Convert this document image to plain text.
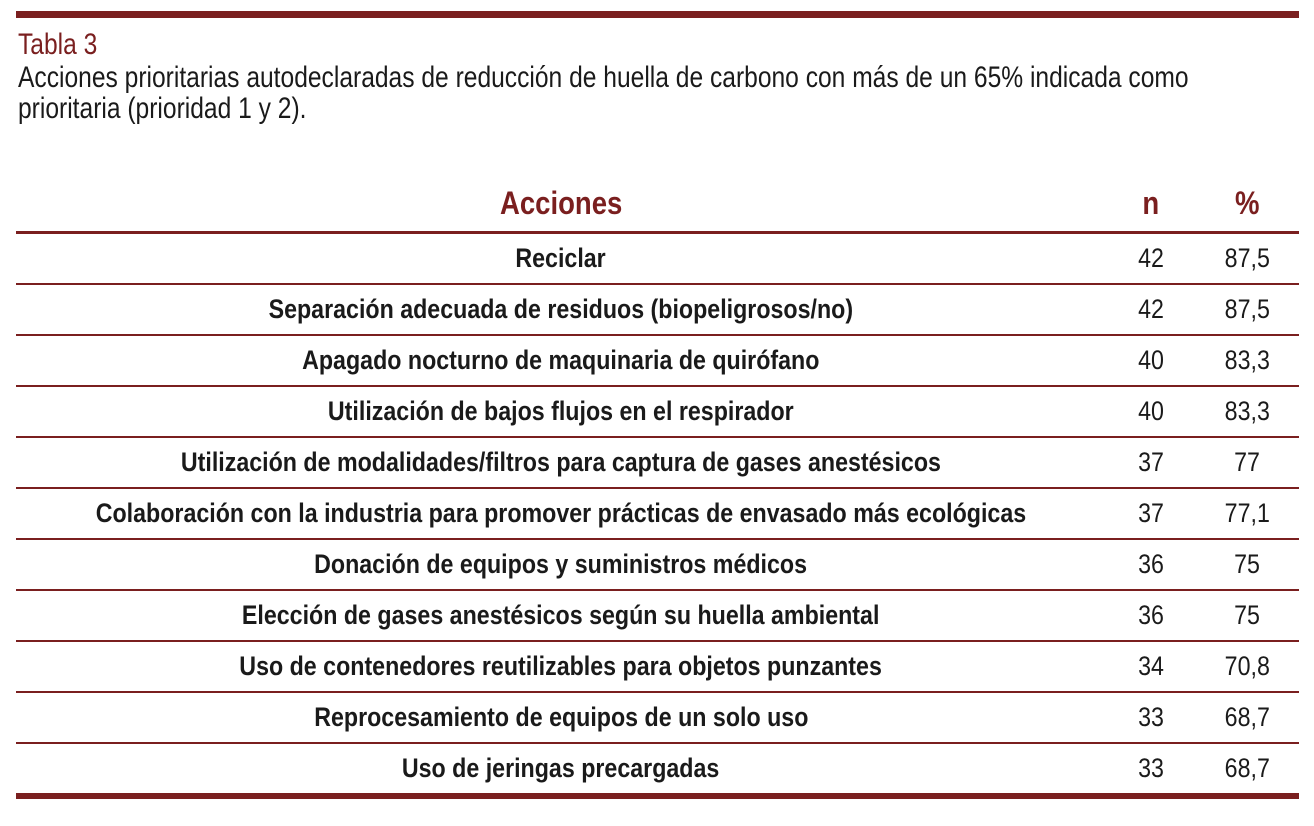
Tabla 3
Acciones prioritarias autodeclaradas de reducción de huella de carbono con más de un 65% indicada como prioritaria (prioridad 1 y 2).
Acciones	n	%
Reciclar	42	87,5
Separación adecuada de residuos (biopeligrosos/no)	42	87,5
Apagado nocturno de maquinaria de quirófano	40	83,3
Utilización de bajos flujos en el respirador	40	83,3
Utilización de modalidades/filtros para captura de gases anestésicos	37	77
Colaboración con la industria para promover prácticas de envasado más ecológicas	37	77,1
Donación de equipos y suministros médicos	36	75
Elección de gases anestésicos según su huella ambiental	36	75
Uso de contenedores reutilizables para objetos punzantes	34	70,8
Reprocesamiento de equipos de un solo uso	33	68,7
Uso de jeringas precargadas	33	68,7
